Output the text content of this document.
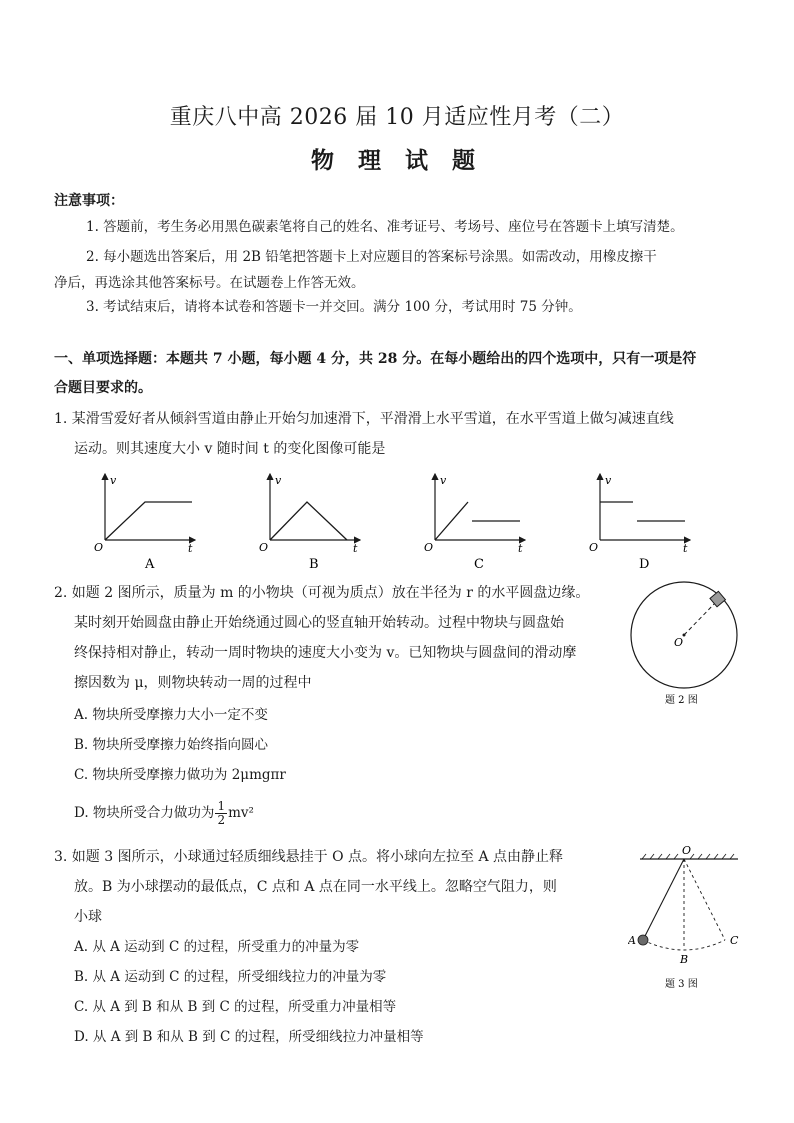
重庆八中高 2026 届 10 月适应性月考（二）
物 理 试 题
注意事项：
1. 答题前，考生务必用黑色碳素笔将自己的姓名、准考证号、考场号、座位号在答题卡上填写清楚。
2. 每小题选出答案后，用 2B 铅笔把答题卡上对应题目的答案标号涂黑。如需改动，用橡皮擦干
净后，再选涂其他答案标号。在试题卷上作答无效。
3. 考试结束后，请将本试卷和答题卡一并交回。满分 100 分，考试用时 75 分钟。
一、单项选择题：本题共 7 小题，每小题 4 分，共 28 分。在每小题给出的四个选项中，只有一项是符
合题目要求的。
1. 某滑雪爱好者从倾斜雪道由静止开始匀加速滑下，平滑滑上水平雪道，在水平雪道上做匀减速直线
运动。则其速度大小 v 随时间 t 的变化图像可能是
v
t
O
A
v
t
O
B
v
t
O
C
v
t
O
D
2. 如题 2 图所示，质量为 m 的小物块（可视为质点）放在半径为 r 的水平圆盘边缘。
某时刻开始圆盘由静止开始绕通过圆心的竖直轴开始转动。过程中物块与圆盘始
终保持相对静止，转动一周时物块的速度大小变为 v。已知物块与圆盘间的滑动摩
擦因数为 μ，则物块转动一周的过程中
A. 物块所受摩擦力大小一定不变
B. 物块所受摩擦力始终指向圆心
C. 物块所受摩擦力做功为 2μmgπr
D. 物块所受合力做功为 $\frac{1}{2} mv^2$
O
题 2 图
3. 如题 3 图所示，小球通过轻质细线悬挂于 O 点。将小球向左拉至 A 点由静止释
放。B 为小球摆动的最低点，C 点和 A 点在同一水平线上。忽略空气阻力，则
小球
A. 从 A 运动到 C 的过程，所受重力的冲量为零
B. 从 A 运动到 C 的过程，所受细线拉力的冲量为零
C. 从 A 到 B 和从 B 到 C 的过程，所受重力冲量相等
D. 从 A 到 B 和从 B 到 C 的过程，所受细线拉力冲量相等
O
A
B
C
题 3 图
